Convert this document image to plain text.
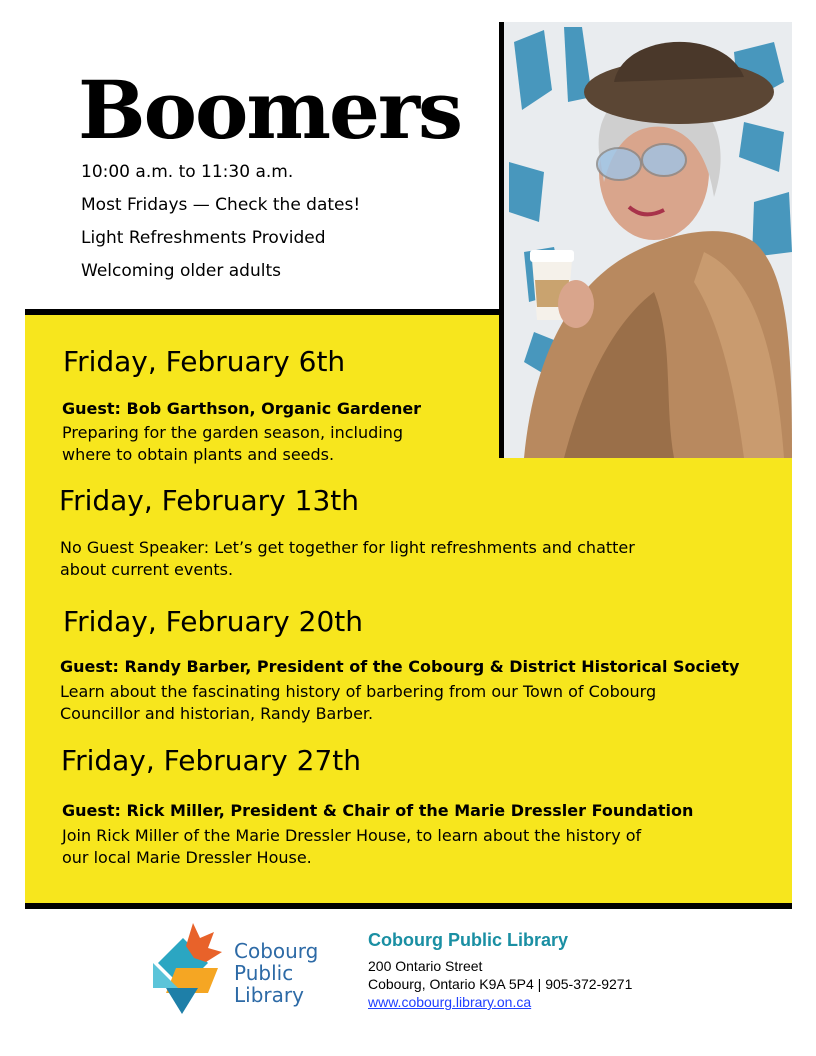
Boomers
10:00 a.m. to 11:30 a.m.
Most Fridays — Check the dates!
Light Refreshments Provided
Welcoming older adults
Friday, February 6th
Guest: Bob Garthson, Organic Gardener
Preparing for the garden season, including
where to obtain plants and seeds.
Friday, February 13th
No Guest Speaker: Let’s get together for light refreshments and chatter
about current events.
Friday, February 20th
Guest: Randy Barber, President of the Cobourg & District Historical Society
Learn about the fascinating history of barbering from our Town of Cobourg
Councillor and historian, Randy Barber.
Friday, February 27th
Guest: Rick Miller, President & Chair of the Marie Dressler Foundation
Join Rick Miller of the Marie Dressler House, to learn about the history of
our local Marie Dressler House.
Cobourg
Public
Library
Cobourg Public Library
200 Ontario Street
Cobourg, Ontario K9A 5P4 | 905-372-9271
www.cobourg.library.on.ca
